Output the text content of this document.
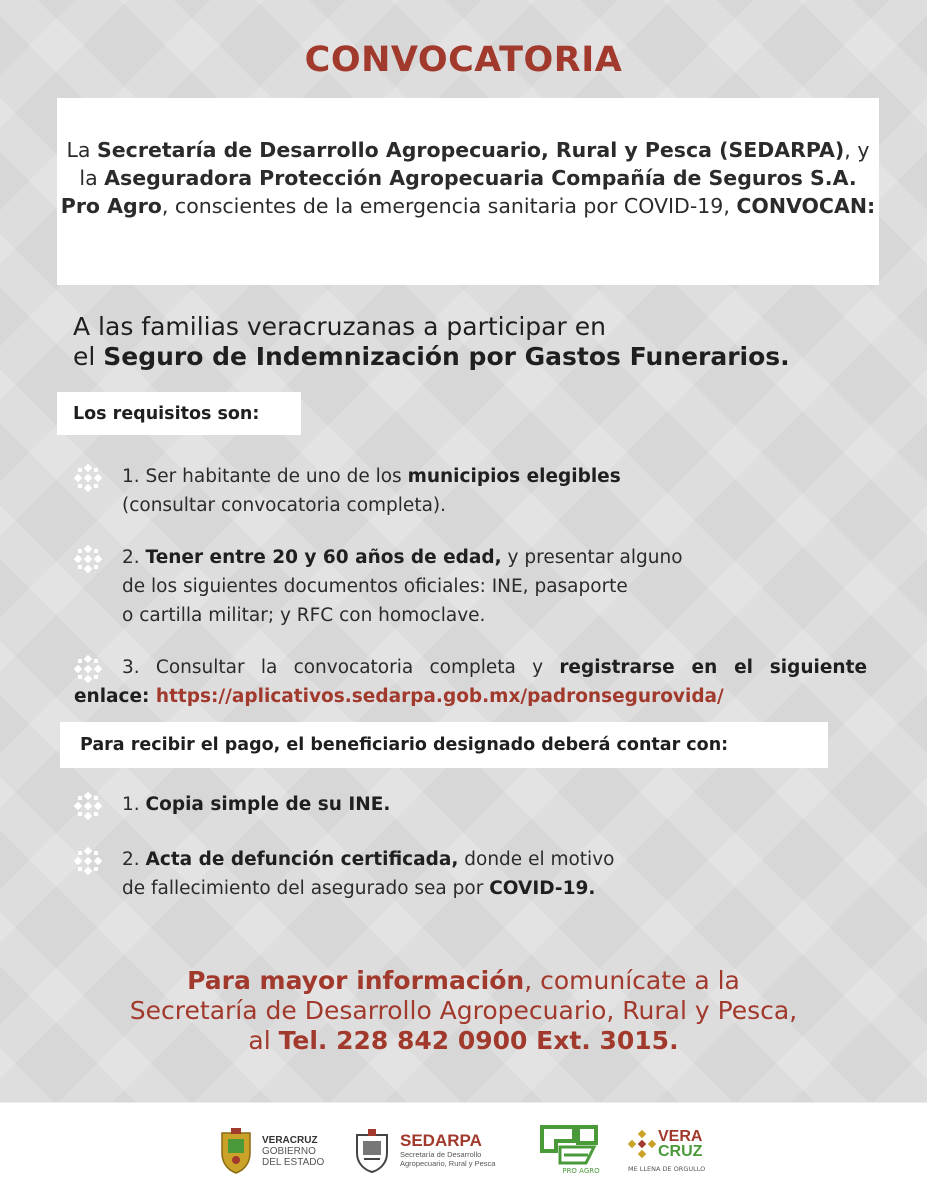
CONVOCATORIA
La Secretaría de Desarrollo Agropecuario, Rural y Pesca (SEDARPA), y la Aseguradora Protección Agropecuaria Compañía de Seguros S.A. Pro Agro, conscientes de la emergencia sanitaria por COVID-19, CONVOCAN:
A las familias veracruzanas a participar en
el Seguro de Indemnización por Gastos Funerarios.
Los requisitos son:
1. Ser habitante de uno de los municipios elegibles
(consultar convocatoria completa).
2. Tener entre 20 y 60 años de edad, y presentar alguno
de los siguientes documentos oficiales: INE, pasaporte
o cartilla militar; y RFC con homoclave.
3. Consultar la convocatoria completa y registrarse en el siguiente
enlace: https://aplicativos.sedarpa.gob.mx/padronsegurovida/
Para recibir el pago, el beneficiario designado deberá contar con:
1. Copia simple de su INE.
2. Acta de defunción certificada, donde el motivo
de fallecimiento del asegurado sea por COVID-19.
Para mayor información, comunícate a la
Secretaría de Desarrollo Agropecuario, Rural y Pesca,
al Tel. 228 842 0900 Ext. 3015.
VERACRUZ
GOBIERNO
DEL ESTADO
SEDARPA
Secretaría de Desarrollo
Agropecuario, Rural y Pesca
PRO AGRO
VERA
CRUZ
ME LLENA DE ORGULLO
